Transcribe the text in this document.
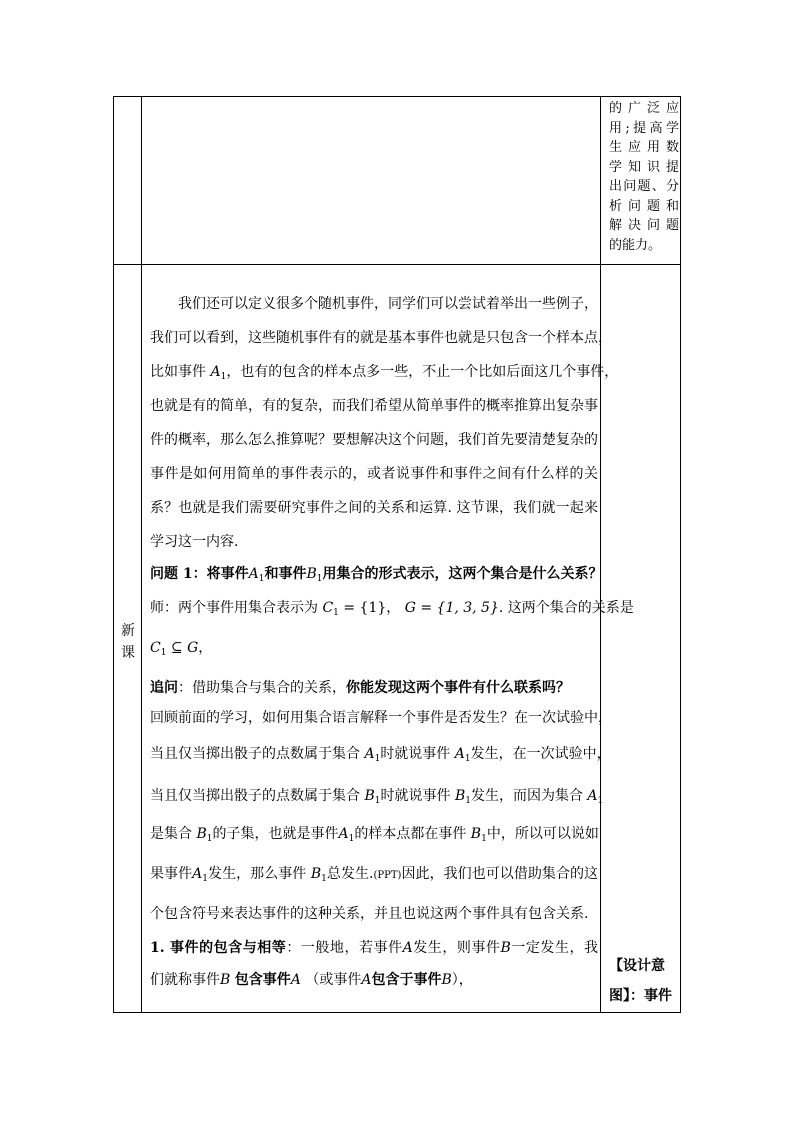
的广泛应
用;提高学
生应用数
学知识提
出问题、分
析问题和
解决问题
的能力。
新
课
我们还可以定义很多个随机事件，同学们可以尝试着举出一些例子，
我们可以看到，这些随机事件有的就是基本事件也就是只包含一个样本点，
比如事件 $A_1$，也有的包含的样本点多一些，不止一个比如后面这几个事件，
也就是有的简单，有的复杂，而我们希望从简单事件的概率推算出复杂事
件的概率，那么怎么推算呢？要想解决这个问题，我们首先要清楚复杂的
事件是如何用简单的事件表示的，或者说事件和事件之间有什么样的关
系？也就是我们需要研究事件之间的关系和运算. 这节课，我们就一起来
学习这一内容.
问题 1：将事件$A_1$和事件$B_1$用集合的形式表示，这两个集合是什么关系？
师：两个事件用集合表示为 $C_1 = \{1\}$， G = {1, 3, 5}. 这两个集合的关系是
$C_1$ ⊆ G，
追问：借助集合与集合的关系，你能发现这两个事件有什么联系吗？
回顾前面的学习，如何用集合语言解释一个事件是否发生？在一次试验中，
当且仅当掷出骰子的点数属于集合 $A_1$时就说事件 $A_1$发生，在一次试验中，
当且仅当掷出骰子的点数属于集合 $B_1$时就说事件 $B_1$发生，而因为集合 $A_1$
是集合 $B_1$的子集，也就是事件$A_1$的样本点都在事件 $B_1$中，所以可以说如
果事件$A_1$发生，那么事件 $B_1$总发生.(PPT)因此，我们也可以借助集合的这
个包含符号来表达事件的这种关系，并且也说这两个事件具有包含关系.
1. 事件的包含与相等：一般地，若事件A发生，则事件B一定发生，我
们就称事件B 包含事件A （或事件A包含于事件B），
【设计意
图】：事件
